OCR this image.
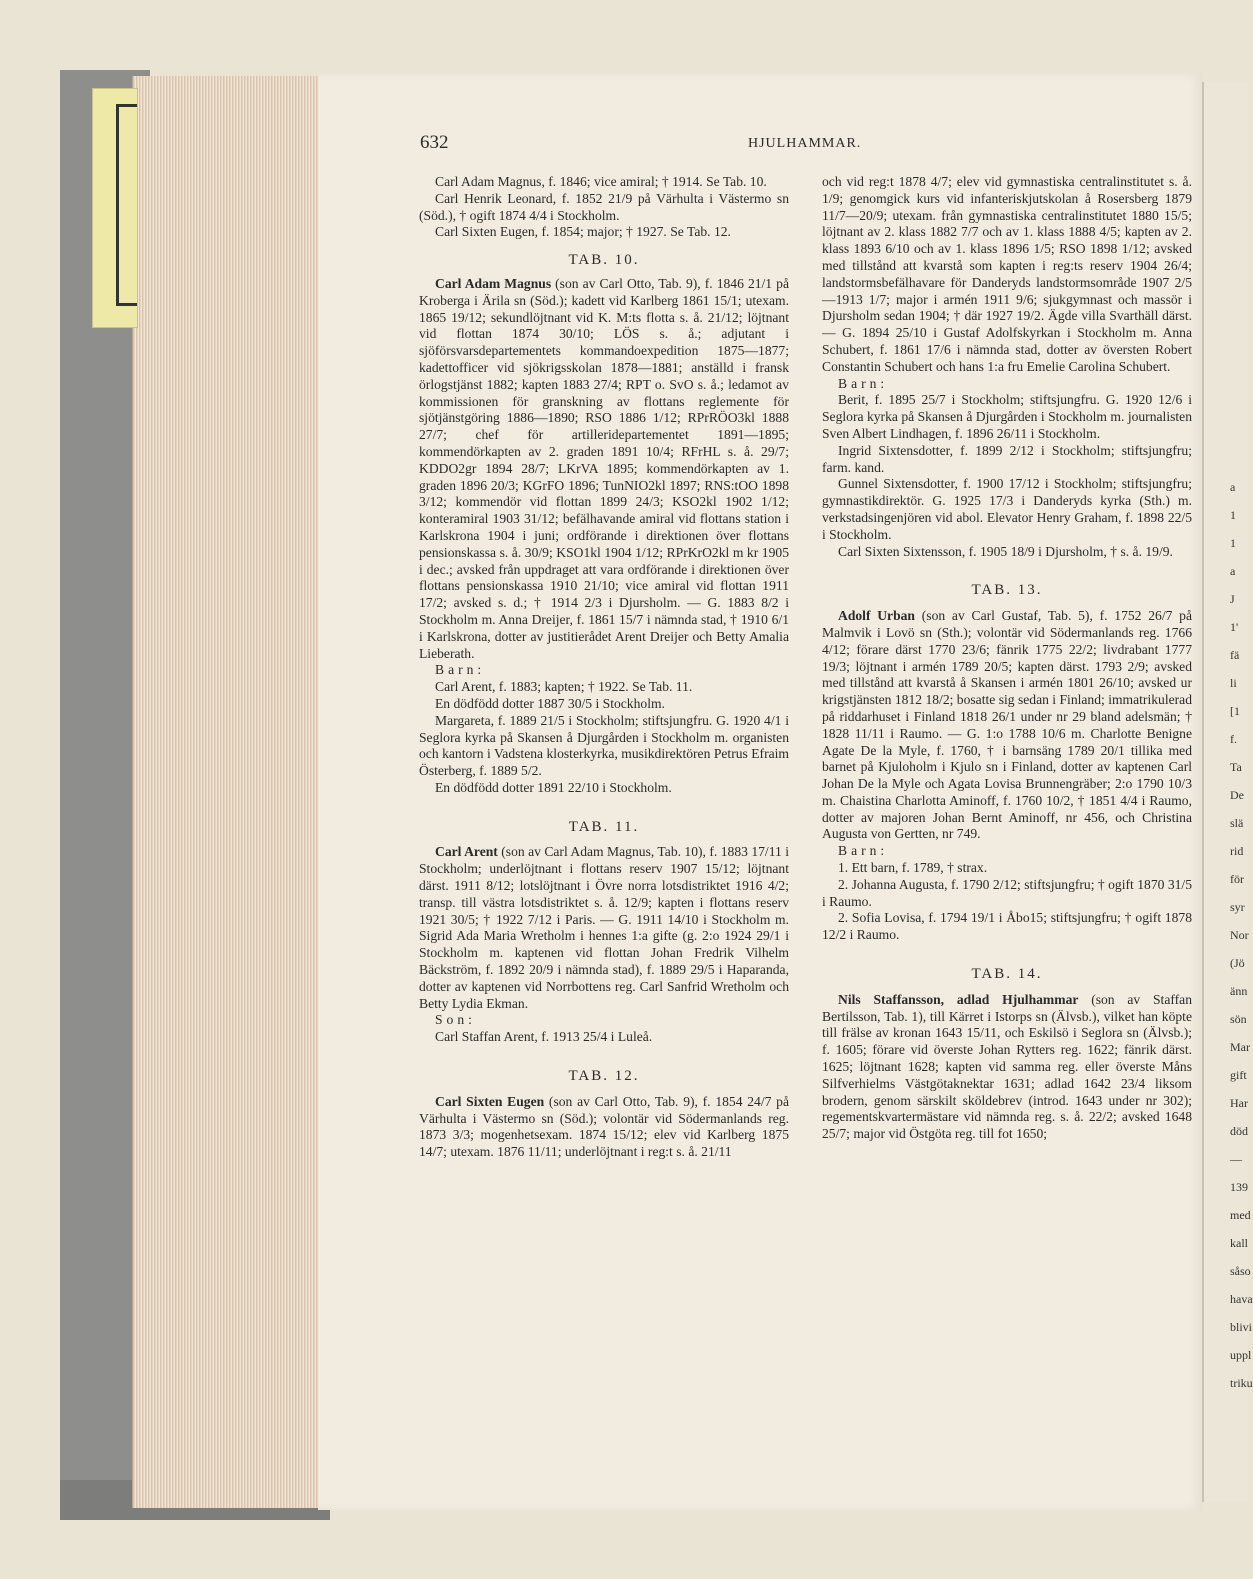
632	HJULHAMMAR.

Carl Adam Magnus, f. 1846; vice amiral; † 1914. Se Tab. 10.

Carl Henrik Leonard, f. 1852 21/9 på Värhulta i Västermo sn (Söd.), † ogift 1874 4/4 i Stockholm.

Carl Sixten Eugen, f. 1854; major; † 1927. Se Tab. 12.

TAB. 10.

Carl Adam Magnus (son av Carl Otto, Tab. 9), f. 1846 21/1 på Kroberga i Ärila sn (Söd.); kadett vid Karlberg 1861 15/1; utexam. 1865 19/12; sekundlöjtnant vid K. M:ts flotta s. å. 21/12; löjtnant vid flottan 1874 30/10; LÖS s. å.; adjutant i sjöförsvarsdepartementets kommandoexpedition 1875—1877; kadettofficer vid sjökrigsskolan 1878—1881; anställd i fransk örlogstjänst 1882; kapten 1883 27/4; RPT o. SvO s. å.; ledamot av kommissionen för granskning av flottans reglemente för sjötjänstgöring 1886—1890; RSO 1886 1/12; RPrRÖO3kl 1888 27/7; chef för artilleridepartementet 1891—1895; kommendörkapten av 2. graden 1891 10/4; RFrHL s. å. 29/7; KDDO2gr 1894 28/7; LKrVA 1895; kommendörkapten av 1. graden 1896 20/3; KGrFO 1896; TunNIO2kl 1897; RNS:tOO 1898 3/12; kommendör vid flottan 1899 24/3; KSO2kl 1902 1/12; konteramiral 1903 31/12; befälhavande amiral vid flottans station i Karlskrona 1904 i juni; ordförande i direktionen över flottans pensionskassa s. å. 30/9; KSO1kl 1904 1/12; RPrKrO2kl m kr 1905 i dec.; avsked från uppdraget att vara ordförande i direktionen över flottans pensionskassa 1910 21/10; vice amiral vid flottan 1911 17/2; avsked s. d.; † 1914 2/3 i Djursholm. — G. 1883 8/2 i Stockholm m. Anna Dreijer, f. 1861 15/7 i nämnda stad, † 1910 6/1 i Karlskrona, dotter av justitierådet Arent Dreijer och Betty Amalia Lieberath.

Barn:

Carl Arent, f. 1883; kapten; † 1922. Se Tab. 11.

En dödfödd dotter 1887 30/5 i Stockholm.

Margareta, f. 1889 21/5 i Stockholm; stiftsjungfru. G. 1920 4/1 i Seglora kyrka på Skansen å Djurgården i Stockholm m. organisten och kantorn i Vadstena klosterkyrka, musikdirektören Petrus Efraim Österberg, f. 1889 5/2.

En dödfödd dotter 1891 22/10 i Stockholm.

TAB. 11.

Carl Arent (son av Carl Adam Magnus, Tab. 10), f. 1883 17/11 i Stockholm; underlöjtnant i flottans reserv 1907 15/12; löjtnant därst. 1911 8/12; lotslöjtnant i Övre norra lotsdistriktet 1916 4/2; transp. till västra lotsdistriktet s. å. 12/9; kapten i flottans reserv 1921 30/5; † 1922 7/12 i Paris. — G. 1911 14/10 i Stockholm m. Sigrid Ada Maria Wretholm i hennes 1:a gifte (g. 2:o 1924 29/1 i Stockholm m. kaptenen vid flottan Johan Fredrik Vilhelm Bäckström, f. 1892 20/9 i nämnda stad), f. 1889 29/5 i Haparanda, dotter av kaptenen vid Norrbottens reg. Carl Sanfrid Wretholm och Betty Lydia Ekman.

Son:

Carl Staffan Arent, f. 1913 25/4 i Luleå.

TAB. 12.

Carl Sixten Eugen (son av Carl Otto, Tab. 9), f. 1854 24/7 på Värhulta i Västermo sn (Söd.); volontär vid Södermanlands reg. 1873 3/3; mogenhetsexam. 1874 15/12; elev vid Karlberg 1875 14/7; utexam. 1876 11/11; underlöjtnant i reg:t s. å. 21/11

och vid reg:t 1878 4/7; elev vid gymnastiska centralinstitutet s. å. 1/9; genomgick kurs vid infanteriskjutskolan å Rosersberg 1879 11/7—20/9; utexam. från gymnastiska centralinstitutet 1880 15/5; löjtnant av 2. klass 1882 7/7 och av 1. klass 1888 4/5; kapten av 2. klass 1893 6/10 och av 1. klass 1896 1/5; RSO 1898 1/12; avsked med tillstånd att kvarstå som kapten i reg:ts reserv 1904 26/4; landstormsbefälhavare för Danderyds landstormsområde 1907 2/5—1913 1/7; major i armén 1911 9/6; sjukgymnast och massör i Djursholm sedan 1904; † där 1927 19/2. Ägde villa Svarthäll därst. — G. 1894 25/10 i Gustaf Adolfskyrkan i Stockholm m. Anna Schubert, f. 1861 17/6 i nämnda stad, dotter av översten Robert Constantin Schubert och hans 1:a fru Emelie Carolina Schubert.

Barn:

Berit, f. 1895 25/7 i Stockholm; stiftsjungfru. G. 1920 12/6 i Seglora kyrka på Skansen å Djurgården i Stockholm m. journalisten Sven Albert Lindhagen, f. 1896 26/11 i Stockholm.

Ingrid Sixtensdotter, f. 1899 2/12 i Stockholm; stiftsjungfru; farm. kand.

Gunnel Sixtensdotter, f. 1900 17/12 i Stockholm; stiftsjungfru; gymnastikdirektör. G. 1925 17/3 i Danderyds kyrka (Sth.) m. verkstadsingenjören vid abol. Elevator Henry Graham, f. 1898 22/5 i Stockholm.

Carl Sixten Sixtensson, f. 1905 18/9 i Djursholm, † s. å. 19/9.

TAB. 13.

Adolf Urban (son av Carl Gustaf, Tab. 5), f. 1752 26/7 på Malmvik i Lovö sn (Sth.); volontär vid Södermanlands reg. 1766 4/12; förare därst 1770 23/6; fänrik 1775 22/2; livdrabant 1777 19/3; löjtnant i armén 1789 20/5; kapten därst. 1793 2/9; avsked med tillstånd att kvarstå å Skansen i armén 1801 26/10; avsked ur krigstjänsten 1812 18/2; bosatte sig sedan i Finland; immatrikulerad på riddarhuset i Finland 1818 26/1 under nr 29 bland adelsmän; † 1828 11/11 i Raumo. — G. 1:o 1788 10/6 m. Charlotte Benigne Agate De la Myle, f. 1760, † i barnsäng 1789 20/1 tillika med barnet på Kjuloholm i Kjulo sn i Finland, dotter av kaptenen Carl Johan De la Myle och Agata Lovisa Brunnengräber; 2:o 1790 10/3 m. Chaistina Charlotta Aminoff, f. 1760 10/2, † 1851 4/4 i Raumo, dotter av majoren Johan Bernt Aminoff, nr 456, och Christina Augusta von Gertten, nr 749.

Barn:

1. Ett barn, f. 1789, † strax.

2. Johanna Augusta, f. 1790 2/12; stiftsjungfru; † ogift 1870 31/5 i Raumo.

2. Sofia Lovisa, f. 1794 19/1 i Åbo15; stiftsjungfru; † ogift 1878 12/2 i Raumo.

TAB. 14.

Nils Staffansson, adlad Hjulhammar (son av Staffan Bertilsson, Tab. 1), till Kärret i Istorps sn (Älvsb.), vilket han köpte till frälse av kronan 1643 15/11, och Eskilsö i Seglora sn (Älvsb.); f. 1605; förare vid överste Johan Rytters reg. 1622; fänrik därst. 1625; löjtnant 1628; kapten vid samma reg. eller överste Måns Silfverhielms Västgötaknektar 1631; adlad 1642 23/4 liksom brodern, genom särskilt sköldebrev (introd. 1643 under nr 302); regementskvartermästare vid nämnda reg. s. å. 22/2; avsked 1648 25/7; major vid Östgöta reg. till fot 1650;

a
1
1
a
J
1'
fä
li
[1
f.
Ta
De
slä
rid
för
syr
Nor
(Jö
änn
sön
Mar
gift
Har
död
—
139
med
kall
såso
hava
blivi
uppl
triku
